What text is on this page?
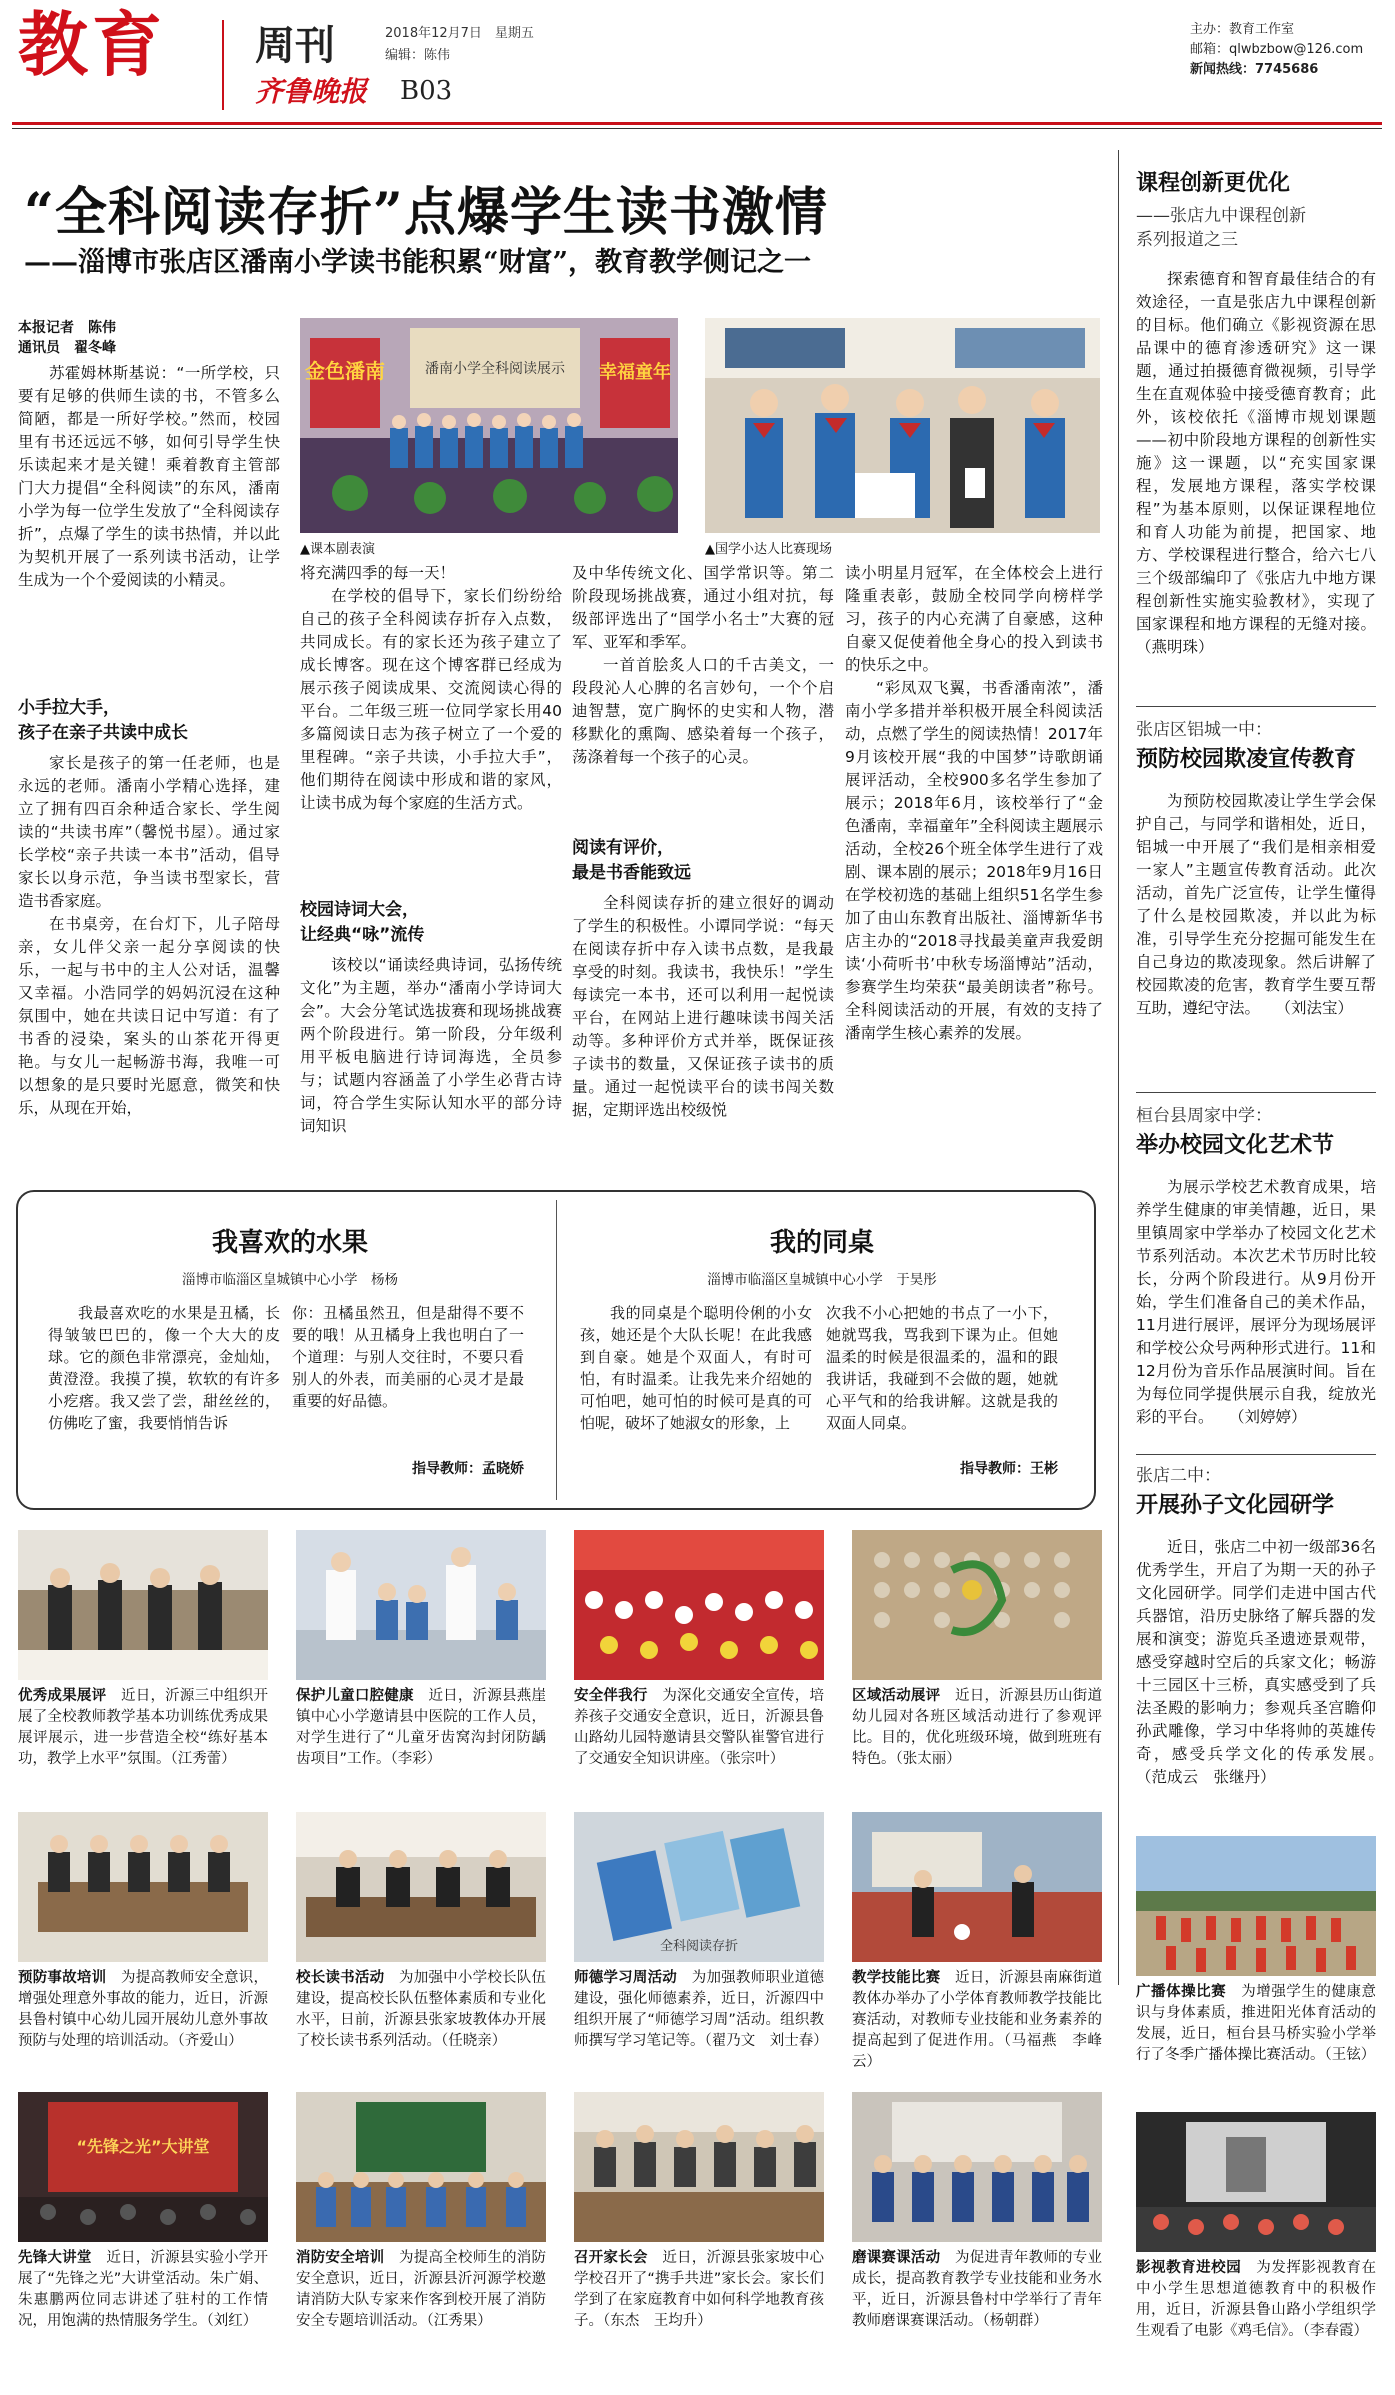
教育 周刊
齐鲁晚报 B03
2018年12月7日　星期五
编辑：陈伟
主办：教育工作室
邮箱：qlwbzbow@126.com
新闻热线：7745686
“全科阅读存折”点爆学生读书激情
——淄博市张店区潘南小学读书能积累“财富”，教育教学侧记之一
本报记者　陈伟
通讯员　翟冬峰
金色潘南	幸福童年
潘南小学全科阅读展示
▲课本剧表演	▲国学小达人比赛现场

苏霍姆林斯基说：“一所学校，只要有足够的供师生读的书，不管多么简陋，都是一所好学校。”然而，校园里有书还远远不够，如何引导学生快乐读起来才是关键！乘着教育主管部门大力提倡“全科阅读”的东风，潘南小学为每一位学生发放了“全科阅读存折”，点爆了学生的读书热情，并以此为契机开展了一系列读书活动，让学生成为一个个爱阅读的小精灵。

小手拉大手，
孩子在亲子共读中成长

家长是孩子的第一任老师，也是永远的老师。潘南小学精心选择，建立了拥有四百余种适合家长、学生阅读的“共读书库”（馨悦书屋）。通过家长学校“亲子共读一本书”活动，倡导家长以身示范，争当读书型家长，营造书香家庭。

在书桌旁，在台灯下，儿子陪母亲，女儿伴父亲一起分享阅读的快乐，一起与书中的主人公对话，温馨又幸福。小浩同学的妈妈沉浸在这种氛围中，她在共读日记中写道：有了书香的浸染，案头的山茶花开得更艳。与女儿一起畅游书海，我唯一可以想象的是只要时光愿意，微笑和快乐，从现在开始，

将充满四季的每一天！

在学校的倡导下，家长们纷纷给自己的孩子全科阅读存折存入点数，共同成长。有的家长还为孩子建立了成长博客。现在这个博客群已经成为展示孩子阅读成果、交流阅读心得的平台。二年级三班一位同学家长用40多篇阅读日志为孩子树立了一个爱的里程碑。“亲子共读，小手拉大手”，他们期待在阅读中形成和谐的家风，让读书成为每个家庭的生活方式。

校园诗词大会，
让经典“咏”流传

该校以“诵读经典诗词，弘扬传统文化”为主题，举办“潘南小学诗词大会”。大会分笔试选拔赛和现场挑战赛两个阶段进行。第一阶段，分年级利用平板电脑进行诗词海选，全员参与；试题内容涵盖了小学生必背古诗词，符合学生实际认知水平的部分诗词知识

及中华传统文化、国学常识等。第二阶段现场挑战赛，通过小组对抗，每级部评选出了“国学小名士”大赛的冠军、亚军和季军。

一首首脍炙人口的千古美文，一段段沁人心脾的名言妙句，一个个启迪智慧，宽广胸怀的史实和人物，潜移默化的熏陶、感染着每一个孩子，荡涤着每一个孩子的心灵。

阅读有评价，
最是书香能致远

全科阅读存折的建立很好的调动了学生的积极性。小谭同学说：“每天在阅读存折中存入读书点数，是我最享受的时刻。我读书，我快乐！”学生每读完一本书，还可以利用一起悦读平台，在网站上进行趣味读书闯关活动等。多种评价方式并举，既保证孩子读书的数量，又保证孩子读书的质量。通过一起悦读平台的读书闯关数据，定期评选出校级悦

读小明星月冠军，在全体校会上进行隆重表彰，鼓励全校同学向榜样学习，孩子的内心充满了自豪感，这种自豪又促使着他全身心的投入到读书的快乐之中。

“彩凤双飞翼，书香潘南浓”，潘南小学多措并举积极开展全科阅读活动，点燃了学生的阅读热情！2017年9月该校开展“我的中国梦”诗歌朗诵展评活动，全校900多名学生参加了展示；2018年6月，该校举行了“金色潘南，幸福童年”全科阅读主题展示活动，全校26个班全体学生进行了戏剧、课本剧的展示；2018年9月16日在学校初选的基础上组织51名学生参加了由山东教育出版社、淄博新华书店主办的“2018寻找最美童声我爱朗读‘小荷听书’中秋专场淄博站”活动，参赛学生均荣获“最美朗读者”称号。全科阅读活动的开展，有效的支持了潘南学生核心素养的发展。

课程创新更优化
——张店九中课程创新
系列报道之三

探索德育和智育最佳结合的有效途径，一直是张店九中课程创新的目标。他们确立《影视资源在思品课中的德育渗透研究》这一课题，通过拍摄德育微视频，引导学生在直观体验中接受德育教育；此外，该校依托《淄博市规划课题——初中阶段地方课程的创新性实施》这一课题，以“充实国家课程，发展地方课程，落实学校课程”为基本原则，以保证课程地位和育人功能为前提，把国家、地方、学校课程进行整合，给六七八三个级部编印了《张店九中地方课程创新性实施实验教材》，实现了国家课程和地方课程的无缝对接。（燕明珠）

张店区铝城一中：
预防校园欺凌宣传教育

为预防校园欺凌让学生学会保护自己，与同学和谐相处，近日，铝城一中开展了“我们是相亲相爱一家人”主题宣传教育活动。此次活动，首先广泛宣传，让学生懂得了什么是校园欺凌，并以此为标准，引导学生充分挖掘可能发生在自己身边的欺凌现象。然后讲解了校园欺凌的危害，教育学生要互帮互助，遵纪守法。　　（刘法宝）

桓台县周家中学：
举办校园文化艺术节

为展示学校艺术教育成果，培养学生健康的审美情趣，近日，果里镇周家中学举办了校园文化艺术节系列活动。本次艺术节历时比较长，分两个阶段进行。从9月份开始，学生们准备自己的美术作品，11月进行展评，展评分为现场展评和学校公众号两种形式进行。11和12月份为音乐作品展演时间。旨在为每位同学提供展示自我，绽放光彩的平台。　　（刘婷婷）

张店二中：
开展孙子文化园研学

近日，张店二中初一级部36名优秀学生，开启了为期一天的孙子文化园研学。同学们走进中国古代兵器馆，沿历史脉络了解兵器的发展和演变；游览兵圣遗迹景观带，感受穿越时空后的兵家文化；畅游十三园区十三桥，真实感受到了兵法圣殿的影响力；参观兵圣宫瞻仰孙武雕像，学习中华将帅的英雄传奇，感受兵学文化的传承发展。　　（范成云　张继丹）

我喜欢的水果
淄博市临淄区皇城镇中心小学　杨杨

我最喜欢吃的水果是丑橘，长得皱皱巴巴的，像一个大大的皮球。它的颜色非常漂亮，金灿灿，黄澄澄。我摸了摸，软软的有许多小疙瘩。我又尝了尝，甜丝丝的，仿佛吃了蜜，我要悄悄告诉

你：丑橘虽然丑，但是甜得不要不要的哦！从丑橘身上我也明白了一个道理：与别人交往时，不要只看别人的外表，而美丽的心灵才是最重要的好品德。

指导教师：孟晓娇
我的同桌
淄博市临淄区皇城镇中心小学　于昊彤

我的同桌是个聪明伶俐的小女孩，她还是个大队长呢！在此我感到自豪。她是个双面人，有时可怕，有时温柔。让我先来介绍她的可怕吧，她可怕的时候可是真的可怕呢，破坏了她淑女的形象，上

次我不小心把她的书点了一小下，她就骂我，骂我到下课为止。但她温柔的时候是很温柔的，温和的跟我讲话，我碰到不会做的题，她就心平气和的给我讲解。这就是我的双面人同桌。

指导教师：王彬
优秀成果展评　 近日，沂源三中组织开展了全校教师教学基本功训练优秀成果展评展示，进一步营造全校“练好基本功，教学上水平”氛围。（江秀蕾）
保护儿童口腔健康　 近日，沂源县燕崖镇中心小学邀请县中医院的工作人员，对学生进行了“儿童牙齿窝沟封闭防龋齿项目”工作。（李彩）
安全伴我行　 为深化交通安全宣传，培养孩子交通安全意识，近日，沂源县鲁山路幼儿园特邀请县交警队崔警官进行了交通安全知识讲座。（张宗叶）
区域活动展评　 近日，沂源县历山街道幼儿园对各班区域活动进行了参观评比。目的，优化班级环境，做到班班有特色。（张太丽）
预防事故培训　 为提高教师安全意识，增强处理意外事故的能力，近日，沂源县鲁村镇中心幼儿园开展幼儿意外事故预防与处理的培训活动。（齐爱山）
校长读书活动　 为加强中小学校长队伍建设，提高校长队伍整体素质和专业化水平，日前，沂源县张家坡教体办开展了校长读书系列活动。（任晓亲）
全科阅读存折
师德学习周活动　 为加强教师职业道德建设，强化师德素养，近日，沂源四中组织开展了“师德学习周”活动。组织教师撰写学习笔记等。（翟乃文　刘士春）
教学技能比赛　 近日，沂源县南麻街道教体办举办了小学体育教师教学技能比赛活动，对教师专业技能和业务素养的提高起到了促进作用。（马福燕　李峰云）
广播体操比赛　 为增强学生的健康意识与身体素质，推进阳光体育活动的发展，近日，桓台县马桥实验小学举行了冬季广播体操比赛活动。（王铉）
“先锋之光”大讲堂
先锋大讲堂　 近日，沂源县实验小学开展了“先锋之光”大讲堂活动。朱广娟、朱惠鹏两位同志讲述了驻村的工作情况，用饱满的热情服务学生。（刘红）
消防安全培训　 为提高全校师生的消防安全意识，近日，沂源县沂河源学校邀请消防大队专家来作客到校开展了消防安全专题培训活动。（江秀果）
召开家长会　 近日，沂源县张家坡中心学校召开了“携手共进”家长会。家长们学到了在家庭教育中如何科学地教育孩子。（东杰　王均升）
磨课赛课活动　 为促进青年教师的专业成长，提高教育教学专业技能和业务水平，近日，沂源县鲁村中学举行了青年教师磨课赛课活动。（杨朝群）
影视教育进校园　 为发挥影视教育在中小学生思想道德教育中的积极作用，近日，沂源县鲁山路小学组织学生观看了电影《鸡毛信》。（李春霞）
